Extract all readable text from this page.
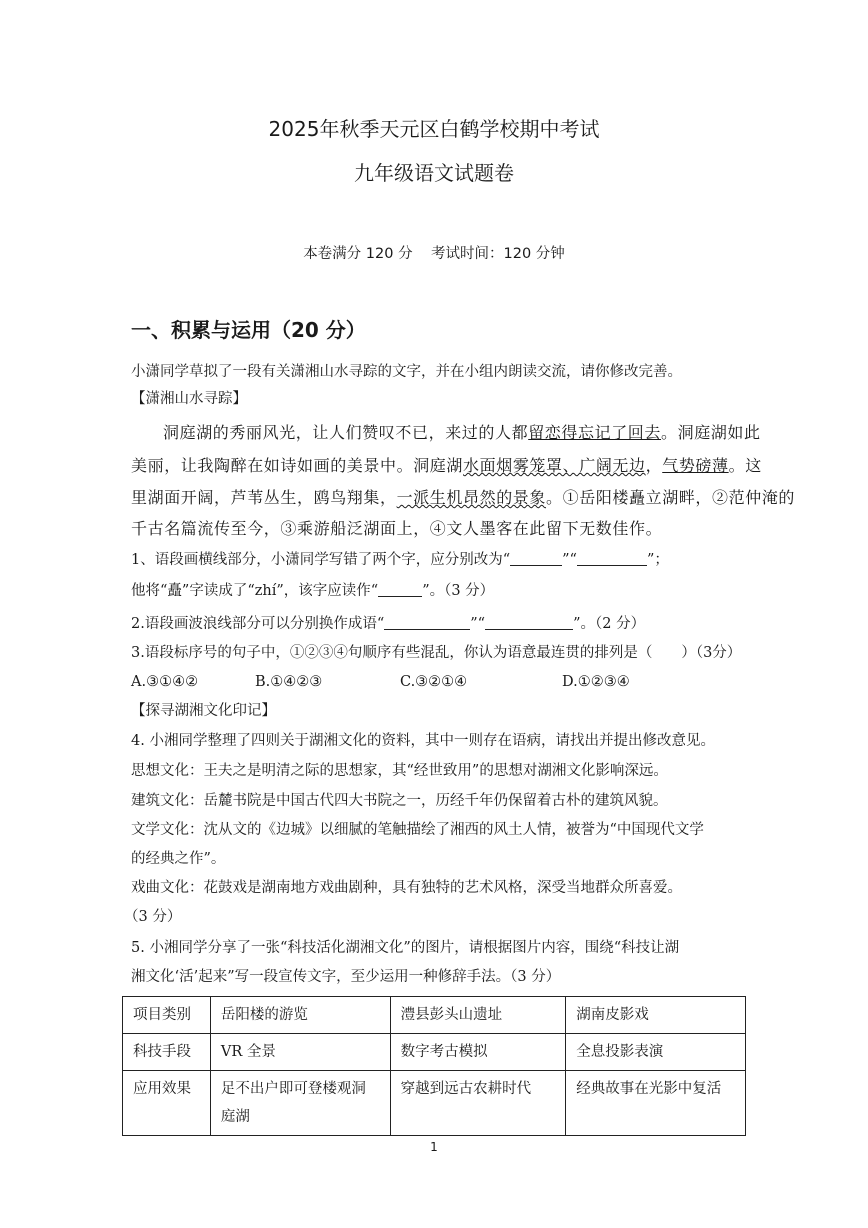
2025年秋季天元区白鹤学校期中考试
九年级语文试题卷
本卷满分 120 分    考试时间：120 分钟
一、积累与运用（20 分）
小潇同学草拟了一段有关潇湘山水寻踪的文字，并在小组内朗读交流，请你修改完善。
【潇湘山水寻踪】
洞庭湖的秀丽风光，让人们赞叹不已，来过的人都留恋得忘记了回去。洞庭湖如此
美丽，让我陶醉在如诗如画的美景中。洞庭湖水面烟雾笼罩、广阔无边，气势磅薄。这
里湖面开阔，芦苇丛生，鸥鸟翔集，一派生机昂然的景象。①岳阳楼矗立湖畔，②范仲淹的
千古名篇流传至今，③乘游船泛湖面上，④文人墨客在此留下无数佳作。
1、语段画横线部分，小潇同学写错了两个字，应分别改为“	”“	”；
他将“矗”字读成了“zhí”，该字应读作“	”。（3 分）
2.语段画波浪线部分可以分别换作成语“	”“	”。（2 分）
3.语段标序号的句子中，①②③④句顺序有些混乱，你认为语意最连贯的排列是（　　）（3分）
A.③①④②	B.①④②③	C.③②①④	D.①②③④
【探寻湖湘文化印记】
4. 小湘同学整理了四则关于湖湘文化的资料，其中一则存在语病，请找出并提出修改意见。
思想文化：王夫之是明清之际的思想家，其“经世致用”的思想对湖湘文化影响深远。
建筑文化：岳麓书院是中国古代四大书院之一，历经千年仍保留着古朴的建筑风貌。
文学文化：沈从文的《边城》以细腻的笔触描绘了湘西的风土人情，被誉为“中国现代文学
的经典之作”。
戏曲文化：花鼓戏是湖南地方戏曲剧种，具有独特的艺术风格，深受当地群众所喜爱。
（3 分）
5. 小湘同学分享了一张“科技活化湖湘文化”的图片，请根据图片内容，围绕“科技让湖
湘文化‘活’起来”写一段宣传文字，至少运用一种修辞手法。（3 分）
项目类别	岳阳楼的游览	澧县彭头山遗址	湖南皮影戏
科技手段	VR 全景	数字考古模拟	全息投影表演
应用效果	足不出户即可登楼观洞庭湖	穿越到远古农耕时代	经典故事在光影中复活
1
